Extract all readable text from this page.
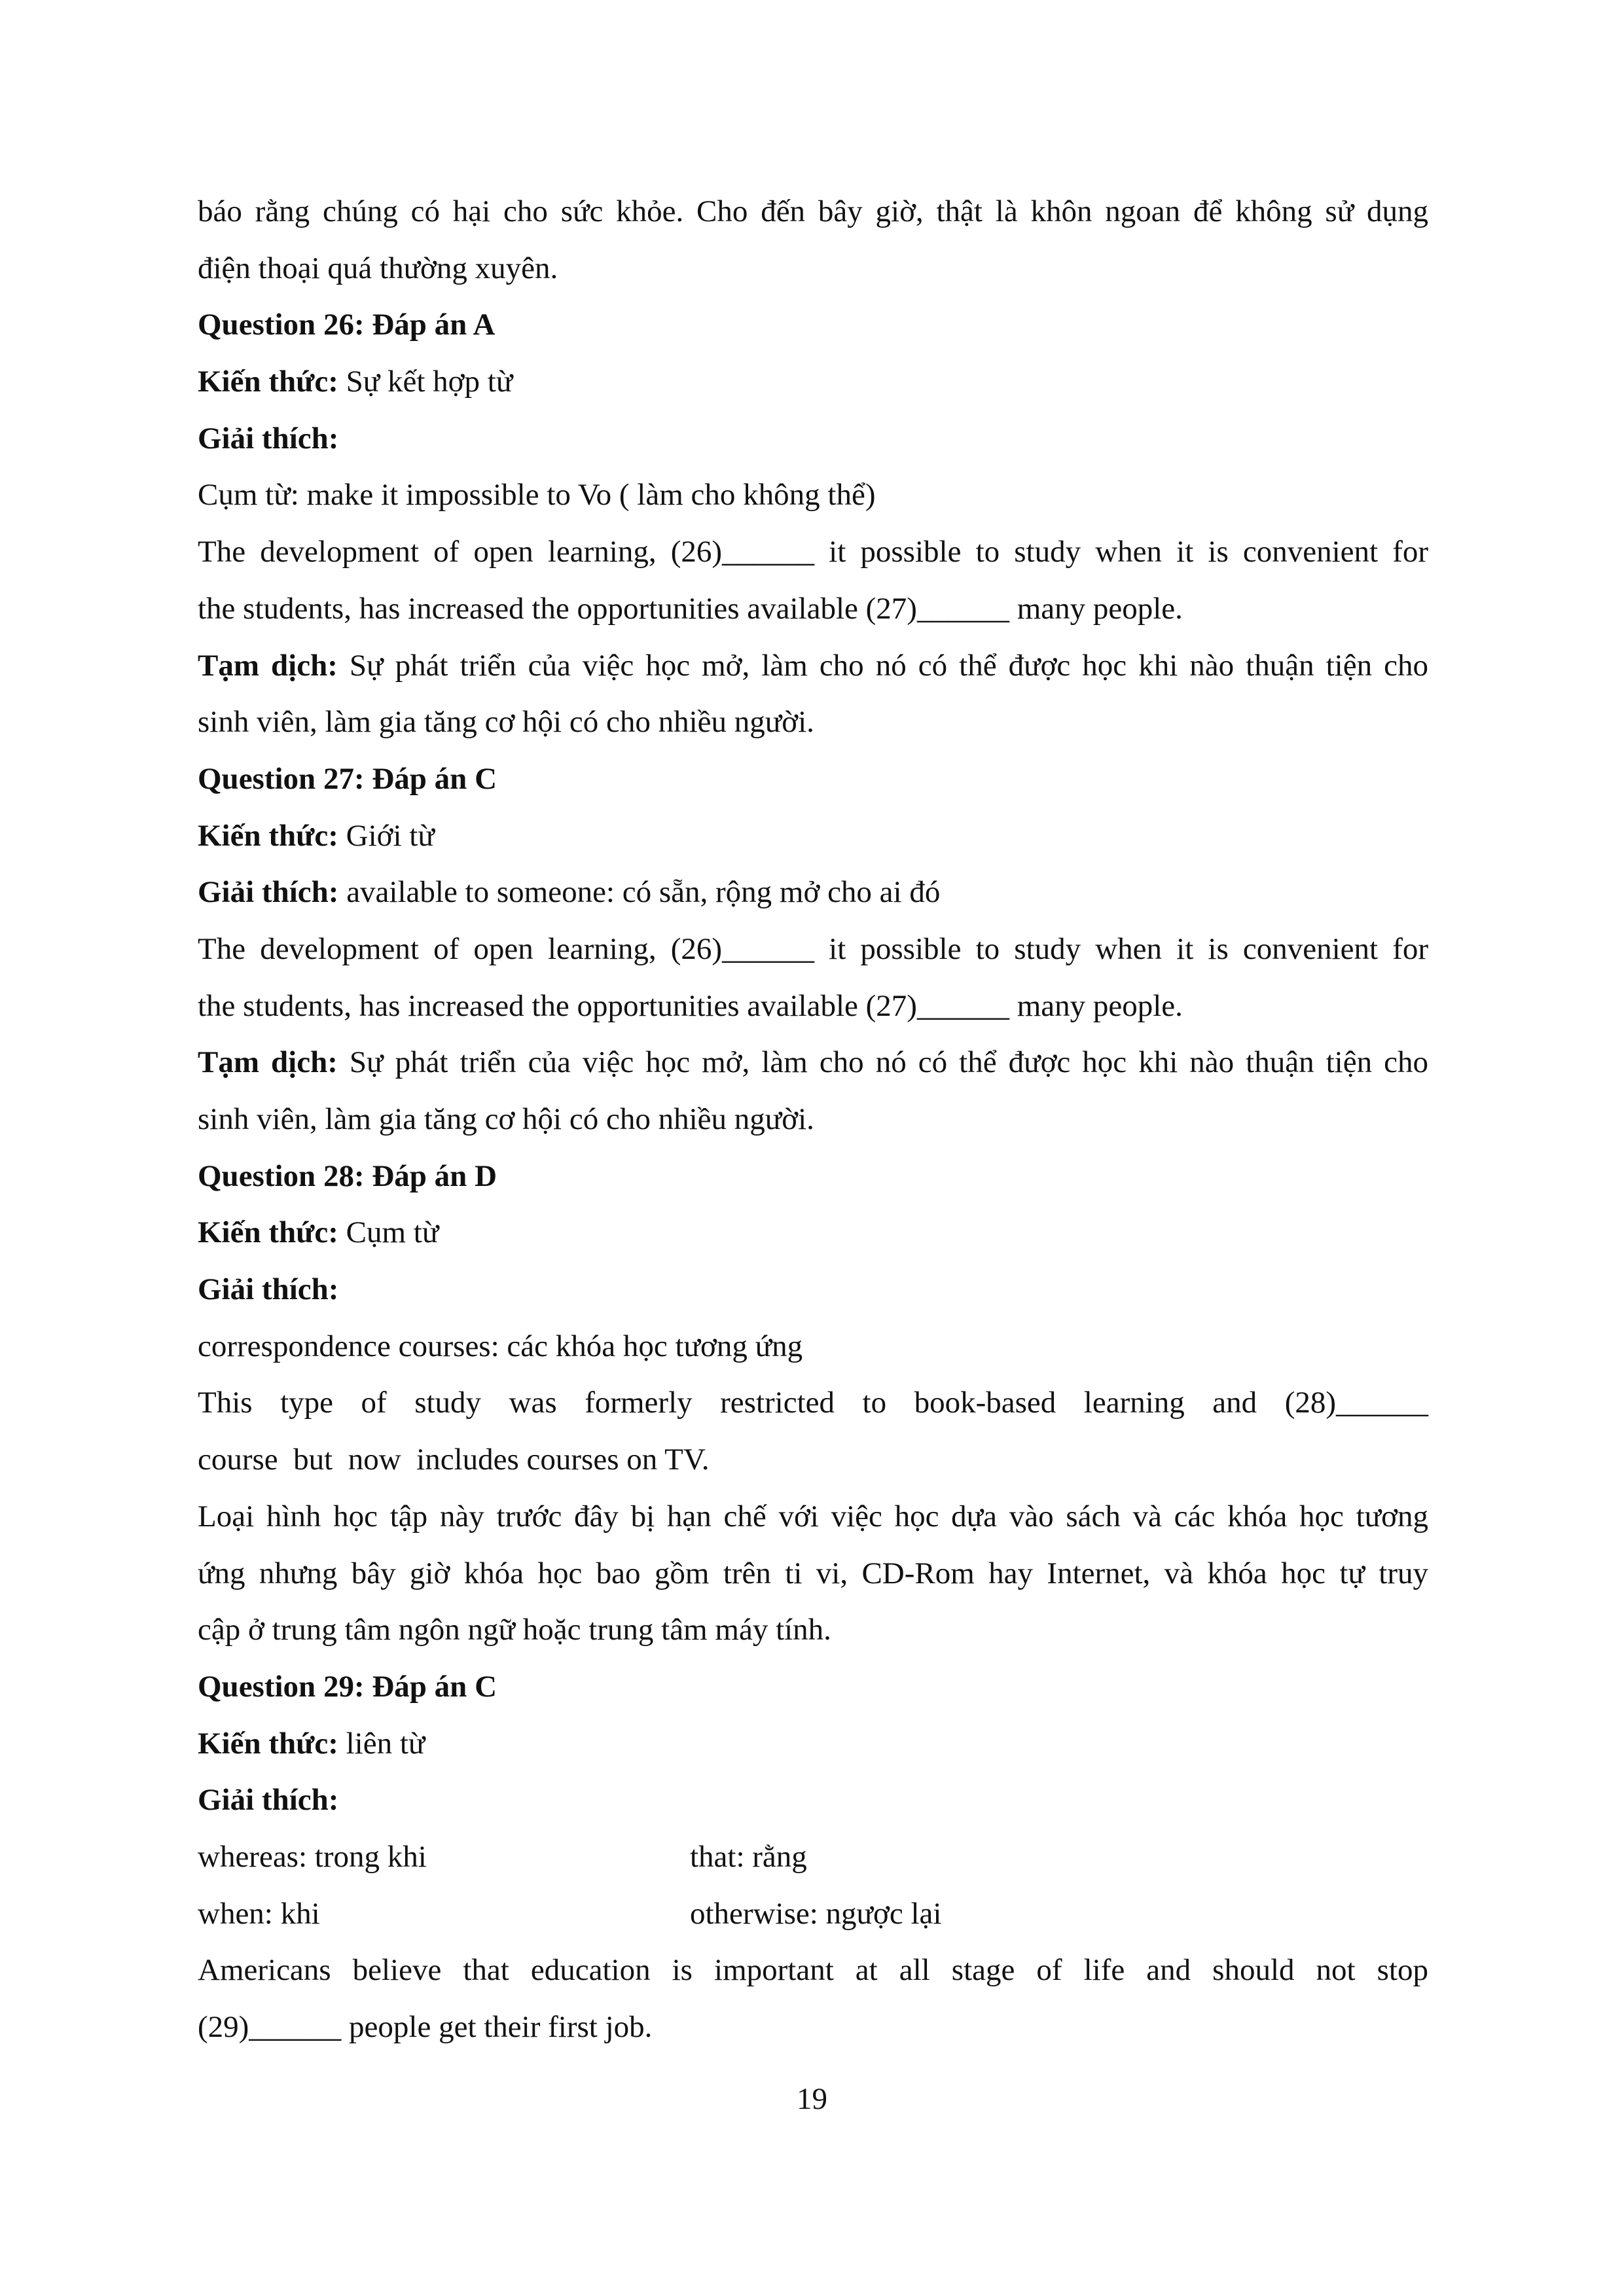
báo rằng chúng có hại cho sức khỏe. Cho đến bây giờ, thật là khôn ngoan để không sử dụng
điện thoại quá thường xuyên.
Question 26: Đáp án A
Kiến thức: Sự kết hợp từ
Giải thích:
Cụm từ: make it impossible to Vo ( làm cho không thể)
The development of open learning, (26)______ it possible to study when it is convenient for
the students, has increased the opportunities available (27)______ many people.
Tạm dịch: Sự phát triển của việc học mở, làm cho nó có thể được học khi nào thuận tiện cho
sinh viên, làm gia tăng cơ hội có cho nhiều người.
Question 27: Đáp án C
Kiến thức: Giới từ
Giải thích: available to someone: có sẵn, rộng mở cho ai đó
The development of open learning, (26)______ it possible to study when it is convenient for
the students, has increased the opportunities available (27)______ many people.
Tạm dịch: Sự phát triển của việc học mở, làm cho nó có thể được học khi nào thuận tiện cho
sinh viên, làm gia tăng cơ hội có cho nhiều người.
Question 28: Đáp án D
Kiến thức: Cụm từ
Giải thích:
correspondence courses: các khóa học tương ứng
This type of study was formerly restricted to book-based learning and (28)______
course  but  now  includes courses on TV.
Loại hình học tập này trước đây bị hạn chế với việc học dựa vào sách và các khóa học tương
ứng nhưng bây giờ khóa học bao gồm trên ti vi, CD-Rom hay Internet, và khóa học tự truy
cập ở trung tâm ngôn ngữ hoặc trung tâm máy tính.
Question 29: Đáp án C
Kiến thức: liên từ
Giải thích:
whereas: trong khi	that: rằng
when: khi	otherwise: ngược lại
Americans believe that education is important at all stage of life and should not stop
(29)______ people get their first job.
19
